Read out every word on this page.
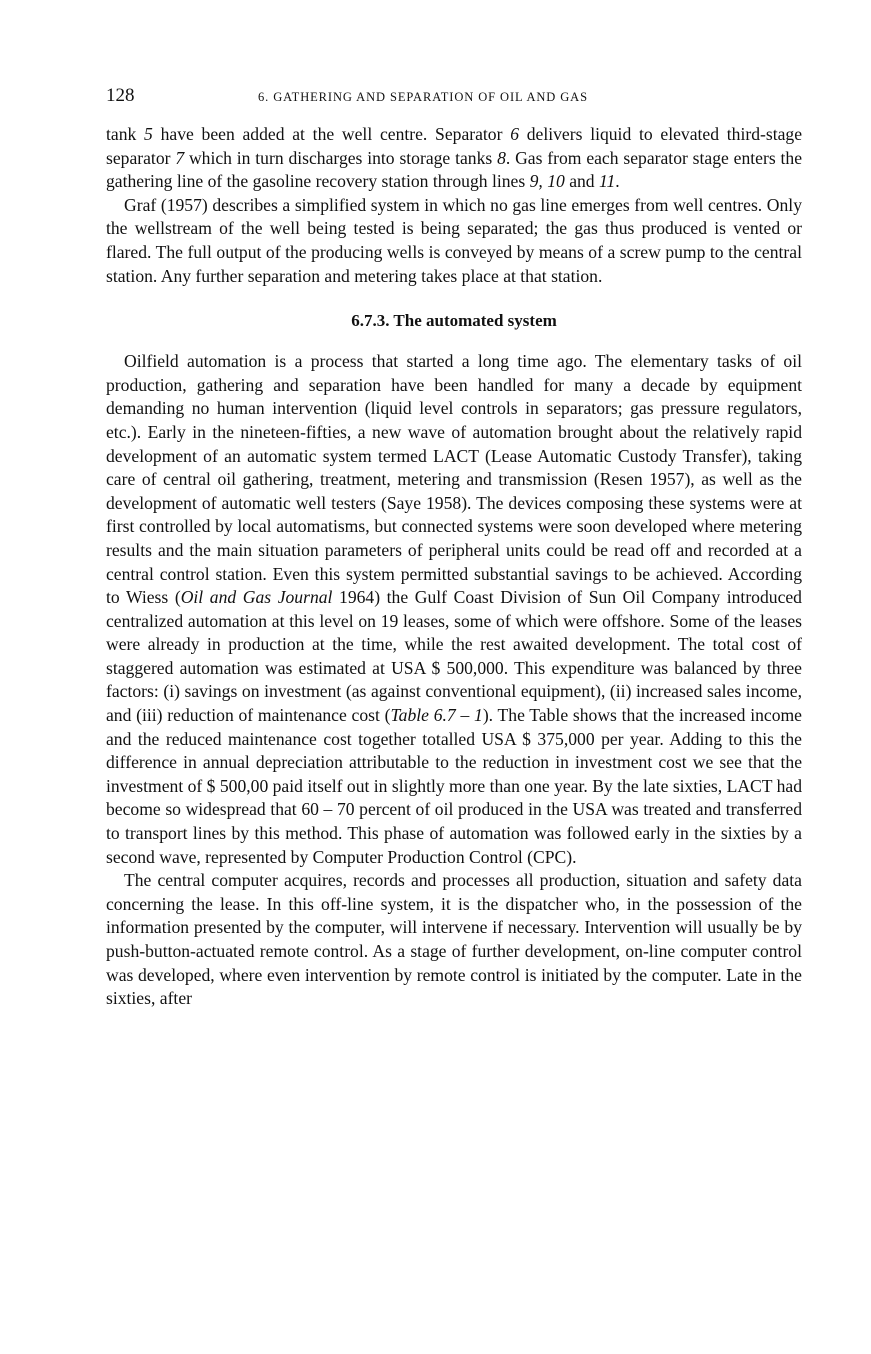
128	6. GATHERING AND SEPARATION OF OIL AND GAS

tank 5 have been added at the well centre. Separator 6 delivers liquid to elevated third-stage separator 7 which in turn discharges into storage tanks 8. Gas from each separator stage enters the gathering line of the gasoline recovery station through lines 9, 10 and 11.

Graf (1957) describes a simplified system in which no gas line emerges from well centres. Only the wellstream of the well being tested is being separated; the gas thus produced is vented or flared. The full output of the producing wells is conveyed by means of a screw pump to the central station. Any further separation and metering takes place at that station.

6.7.3. The automated system

Oilfield automation is a process that started a long time ago. The elementary tasks of oil production, gathering and separation have been handled for many a decade by equipment demanding no human intervention (liquid level controls in separators; gas pressure regulators, etc.). Early in the nineteen-fifties, a new wave of automation brought about the relatively rapid development of an automatic system termed LACT (Lease Automatic Custody Transfer), taking care of central oil gathering, treatment, metering and transmission (Resen 1957), as well as the development of automatic well testers (Saye 1958). The devices composing these systems were at first controlled by local automatisms, but connected systems were soon developed where metering results and the main situation parameters of peripheral units could be read off and recorded at a central control station. Even this system permitted substantial savings to be achieved. According to Wiess (Oil and Gas Journal 1964) the Gulf Coast Division of Sun Oil Company introduced centralized automation at this level on 19 leases, some of which were offshore. Some of the leases were already in production at the time, while the rest awaited development. The total cost of staggered automation was estimated at USA $ 500,000. This expenditure was balanced by three factors: (i) savings on investment (as against conventional equipment), (ii) increased sales income, and (iii) reduction of maintenance cost (Table 6.7 – 1). The Table shows that the increased income and the reduced maintenance cost together totalled USA $ 375,000 per year. Adding to this the difference in annual depreciation attributable to the reduction in investment cost we see that the investment of $ 500,00 paid itself out in slightly more than one year. By the late sixties, LACT had become so widespread that 60 – 70 percent of oil produced in the USA was treated and transferred to transport lines by this method. This phase of automation was followed early in the sixties by a second wave, represented by Computer Production Control (CPC).

The central computer acquires, records and processes all production, situation and safety data concerning the lease. In this off-line system, it is the dispatcher who, in the possession of the information presented by the computer, will intervene if necessary. Intervention will usually be by push-button-actuated remote control. As a stage of further development, on-line computer control was developed, where even intervention by remote control is initiated by the computer. Late in the sixties, after
